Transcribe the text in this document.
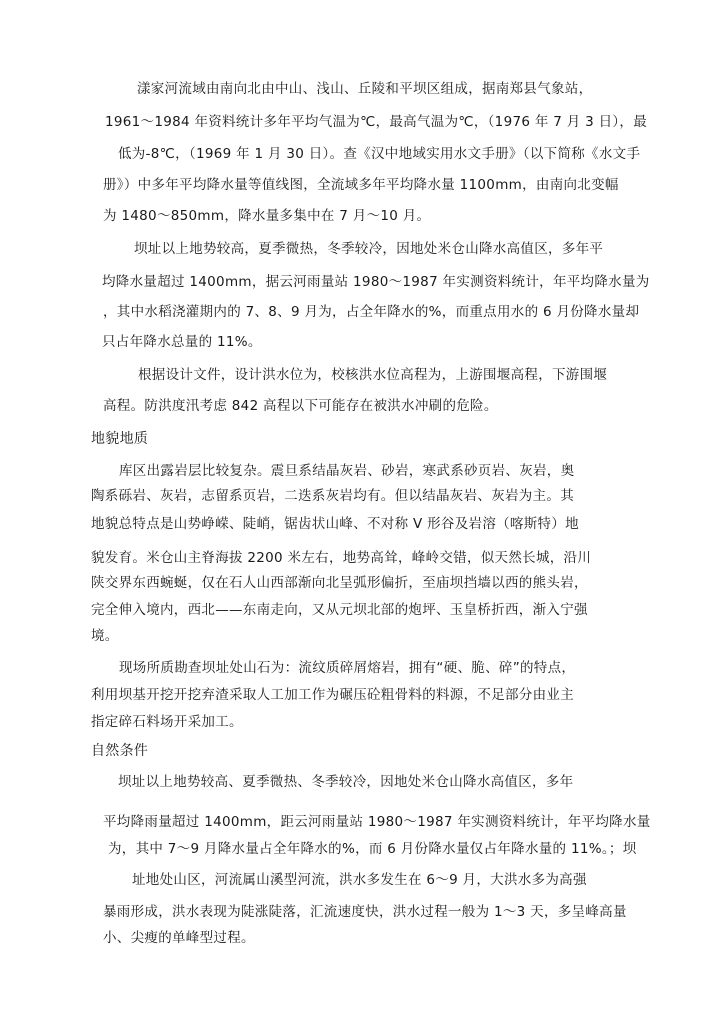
漾家河流域由南向北由中山、浅山、丘陵和平坝区组成，据南郑县气象站，
1961～1984 年资料统计多年平均气温为℃，最高气温为℃，（1976 年 7 月 3 日），最
低为-8℃，（1969 年 1 月 30 日）。查《汉中地域实用水文手册》（以下简称《水文手
册》）中多年平均降水量等值线图，全流域多年平均降水量 1100mm，由南向北变幅
为 1480～850mm，降水量多集中在 7 月～10 月。
坝址以上地势较高，夏季微热，冬季较冷，因地处米仓山降水高值区，多年平
均降水量超过 1400mm，据云河雨量站 1980～1987 年实测资料统计，年平均降水量为
，其中水稻浇灌期内的 7、8、9 月为，占全年降水的%，而重点用水的 6 月份降水量却
只占年降水总量的 11%。
根据设计文件，设计洪水位为，校核洪水位高程为，上游围堰高程，下游围堰
高程。防洪度汛考虑 842 高程以下可能存在被洪水冲刷的危险。
地貌地质
库区出露岩层比较复杂。震旦系结晶灰岩、砂岩，寒武系砂页岩、灰岩，奥
陶系砾岩、灰岩，志留系页岩，二迭系灰岩均有。但以结晶灰岩、灰岩为主。其
地貌总特点是山势峥嵘、陡峭，锯齿状山峰、不对称 V 形谷及岩溶（喀斯特）地
貌发育。米仓山主脊海拔 2200 米左右，地势高耸，峰岭交错，似天然长城，沿川
陕交界东西蜿蜒，仅在石人山西部渐向北呈弧形偏折，至庙坝挡墙以西的熊头岩，
完全伸入境内，西北——东南走向，又从元坝北部的炮坪、玉皇桥折西，渐入宁强
境。
现场所质勘查坝址处山石为：流纹质碎屑熔岩，拥有“硬、脆、碎”的特点，
利用坝基开挖开挖弃渣采取人工加工作为碾压砼粗骨料的料源，不足部分由业主
指定碎石料场开采加工。
自然条件
坝址以上地势较高、夏季微热、冬季较冷，因地处米仓山降水高值区，多年
平均降雨量超过 1400mm，距云河雨量站 1980～1987 年实测资料统计，年平均降水量
为，其中 7～9 月降水量占全年降水的%，而 6 月份降水量仅占年降水量的 11%。；坝
址地处山区，河流属山溪型河流，洪水多发生在 6～9 月，大洪水多为高强
暴雨形成，洪水表现为陡涨陡落，汇流速度快，洪水过程一般为 1～3 天，多呈峰高量
小、尖瘦的单峰型过程。
